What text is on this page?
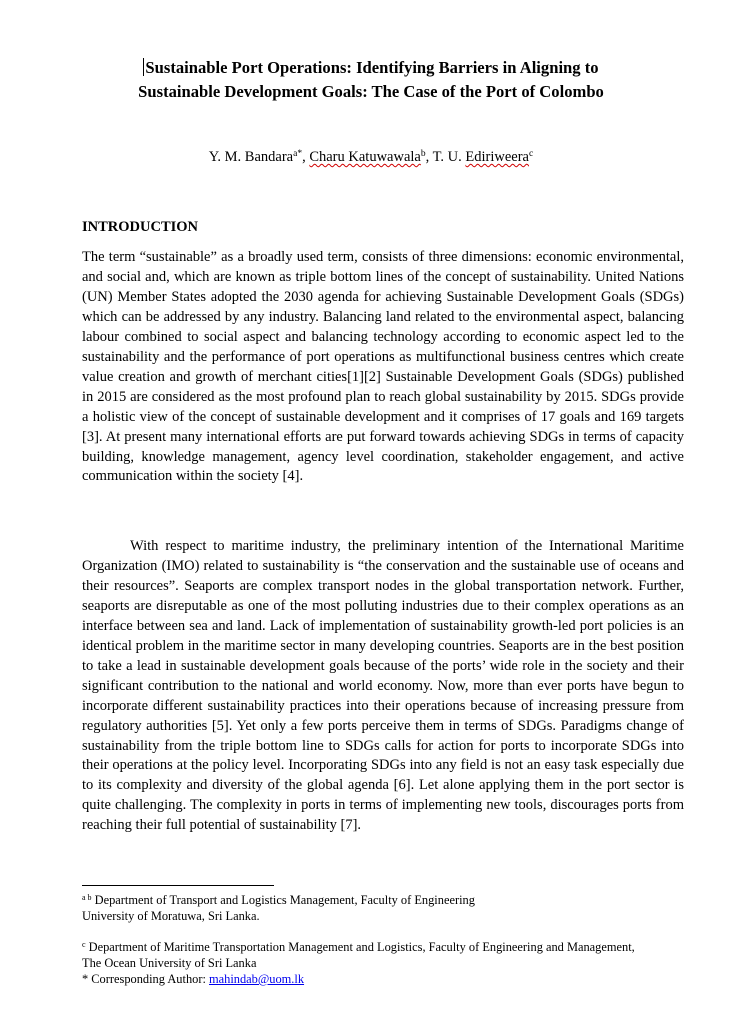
Sustainable Port Operations: Identifying Barriers in Aligning to
Sustainable Development Goals: The Case of the Port of Colombo
Y. M. Bandara$^{a*}$, Charu Katuwawala$^b$, T. U. Ediriweera$^c$
INTRODUCTION

The term “sustainable” as a broadly used term, consists of three dimensions: economic environmental, and social and, which are known as triple bottom lines of the concept of sustainability. United Nations (UN) Member States adopted the 2030 agenda for achieving Sustainable Development Goals (SDGs) which can be addressed by any industry. Balancing land related to the environmental aspect, balancing labour combined to social aspect and balancing technology according to economic aspect led to the sustainability and the performance of port operations as multifunctional business centres which create value creation and growth of merchant cities[1][2] Sustainable Development Goals (SDGs) published in 2015 are considered as the most profound plan to reach global sustainability by 2015. SDGs provide a holistic view of the concept of sustainable development and it comprises of 17 goals and 169 targets [3]. At present many international efforts are put forward towards achieving SDGs in terms of capacity building, knowledge management, agency level coordination, stakeholder engagement, and active communication within the society [4].

With respect to maritime industry, the preliminary intention of the International Maritime Organization (IMO) related to sustainability is “the conservation and the sustainable use of oceans and their resources”. Seaports are complex transport nodes in the global transportation network. Further, seaports are disreputable as one of the most polluting industries due to their complex operations as an interface between sea and land. Lack of implementation of sustainability growth-led port policies is an identical problem in the maritime sector in many developing countries. Seaports are in the best position to take a lead in sustainable development goals because of the ports’ wide role in the society and their significant contribution to the national and world economy. Now, more than ever ports have begun to incorporate different sustainability practices into their operations because of increasing pressure from regulatory authorities [5]. Yet only a few ports perceive them in terms of SDGs. Paradigms change of sustainability from the triple bottom line to SDGs calls for action for ports to incorporate SDGs into their operations at the policy level. Incorporating SDGs into any field is not an easy task especially due to its complexity and diversity of the global agenda [6]. Let alone applying them in the port sector is quite challenging. The complexity in ports in terms of implementing new tools, discourages ports from reaching their full potential of sustainability [7].

$^{a b}$ Department of Transport and Logistics Management, Faculty of Engineering
University of Moratuwa, Sri Lanka.
$^c$ Department of Maritime Transportation Management and Logistics, Faculty of Engineering and Management,
The Ocean University of Sri Lanka
* Corresponding Author: mahindab@uom.lk
